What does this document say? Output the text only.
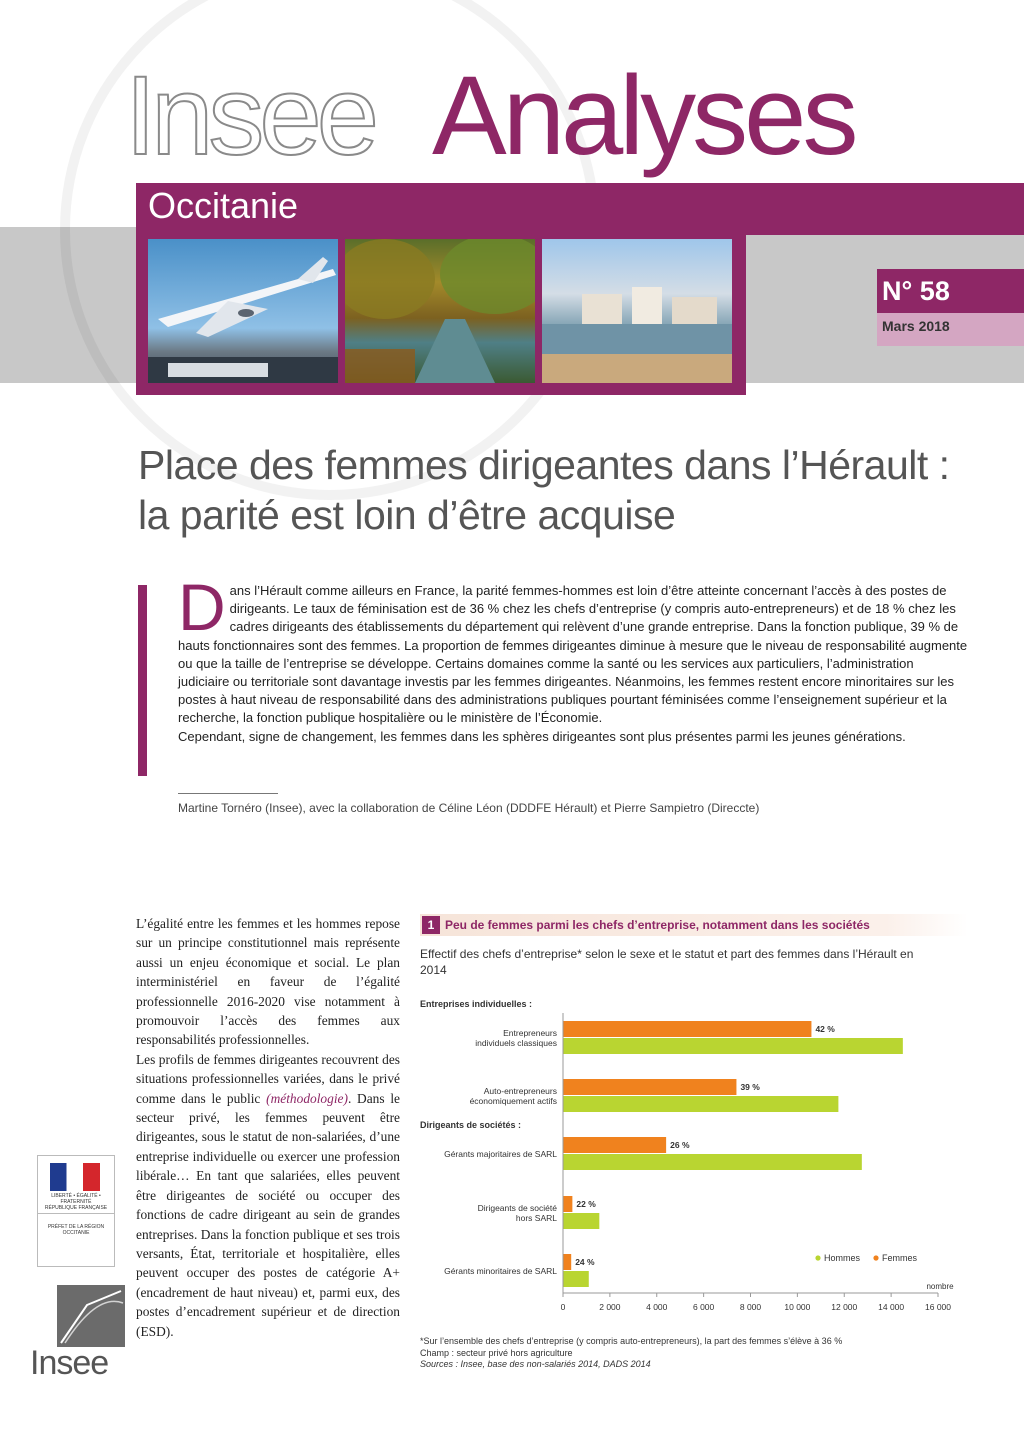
Insee Analyses
Occitanie
N° 58
Mars 2018
Place des femmes dirigeantes dans l’Hérault :
la parité est loin d’être acquise
D ans l’Hérault comme ailleurs en France, la parité femmes-hommes est loin d’être atteinte concernant l’accès à des postes de dirigeants. Le taux de féminisation est de 36 % chez les chefs d’entreprise (y compris auto-entrepreneurs) et de 18 % chez les cadres dirigeants des établissements du département qui relèvent d’une grande entreprise. Dans la fonction publique, 39 % de hauts fonctionnaires sont des femmes. La proportion de femmes dirigeantes diminue à mesure que le niveau de responsabilité augmente ou que la taille de l’entreprise se développe. Certains domaines comme la santé ou les services aux particuliers, l’administration judiciaire ou territoriale sont davantage investis par les femmes dirigeantes. Néanmoins, les femmes restent encore minoritaires sur les postes à haut niveau de responsabilité dans des administrations publiques pourtant féminisées comme l’enseignement supérieur et la recherche, la fonction publique hospitalière ou le ministère de l’Économie.
Cependant, signe de changement, les femmes dans les sphères dirigeantes sont plus présentes parmi les jeunes générations.
Martine Tornéro (Insee), avec la collaboration de Céline Léon (DDDFE Hérault) et Pierre Sampietro (Direccte)

L’égalité entre les femmes et les hommes repose sur un principe constitutionnel mais représente aussi un enjeu économique et social. Le plan interministériel en faveur de l’égalité professionnelle 2016-2020 vise notamment à promouvoir l’accès des femmes aux responsabilités professionnelles.

Les profils de femmes dirigeantes recouvrent des situations professionnelles variées, dans le privé comme dans le public (méthodologie). Dans le secteur privé, les femmes peuvent être dirigeantes, sous le statut de non-salariées, d’une entreprise individuelle ou exercer une profession libérale… En tant que salariées, elles peuvent être dirigeantes de société ou occuper des fonctions de cadre dirigeant au sein de grandes entreprises. Dans la fonction publique et ses trois versants, État, territoriale et hospitalière, elles peuvent occuper des postes de catégorie A+ (encadrement de haut niveau) et, parmi eux, des postes d’encadrement supérieur et de direction (ESD).

1 Peu de femmes parmi les chefs d’entreprise, notamment dans les sociétés
Effectif des chefs d’entreprise* selon le sexe et le statut et part des femmes dans l’Hérault en 2014
Entreprises individuelles :
Dirigeants de sociétés :
42 %
Entrepreneurs
individuels classiques
39 %
Auto-entrepreneurs
économiquement actifs
26 %
Gérants majoritaires de SARL
22 %
Dirigeants de société
hors SARL
24 %
Gérants minoritaires de SARL
0	2 000	4 000	6 000	8 000	10 000 12 000 14 000 16 000
nombre
Hommes Femmes
*Sur l’ensemble des chefs d’entreprise (y compris auto-entrepreneurs), la part des femmes s’élève à 36 %
Champ : secteur privé hors agriculture
Sources : Insee, base des non-salariés 2014, DADS 2014
LIBERTÉ • ÉGALITÉ • FRATERNITÉ RÉPUBLIQUE FRANÇAISE
PRÉFET DE LA RÉGION OCCITANIE
Insee
